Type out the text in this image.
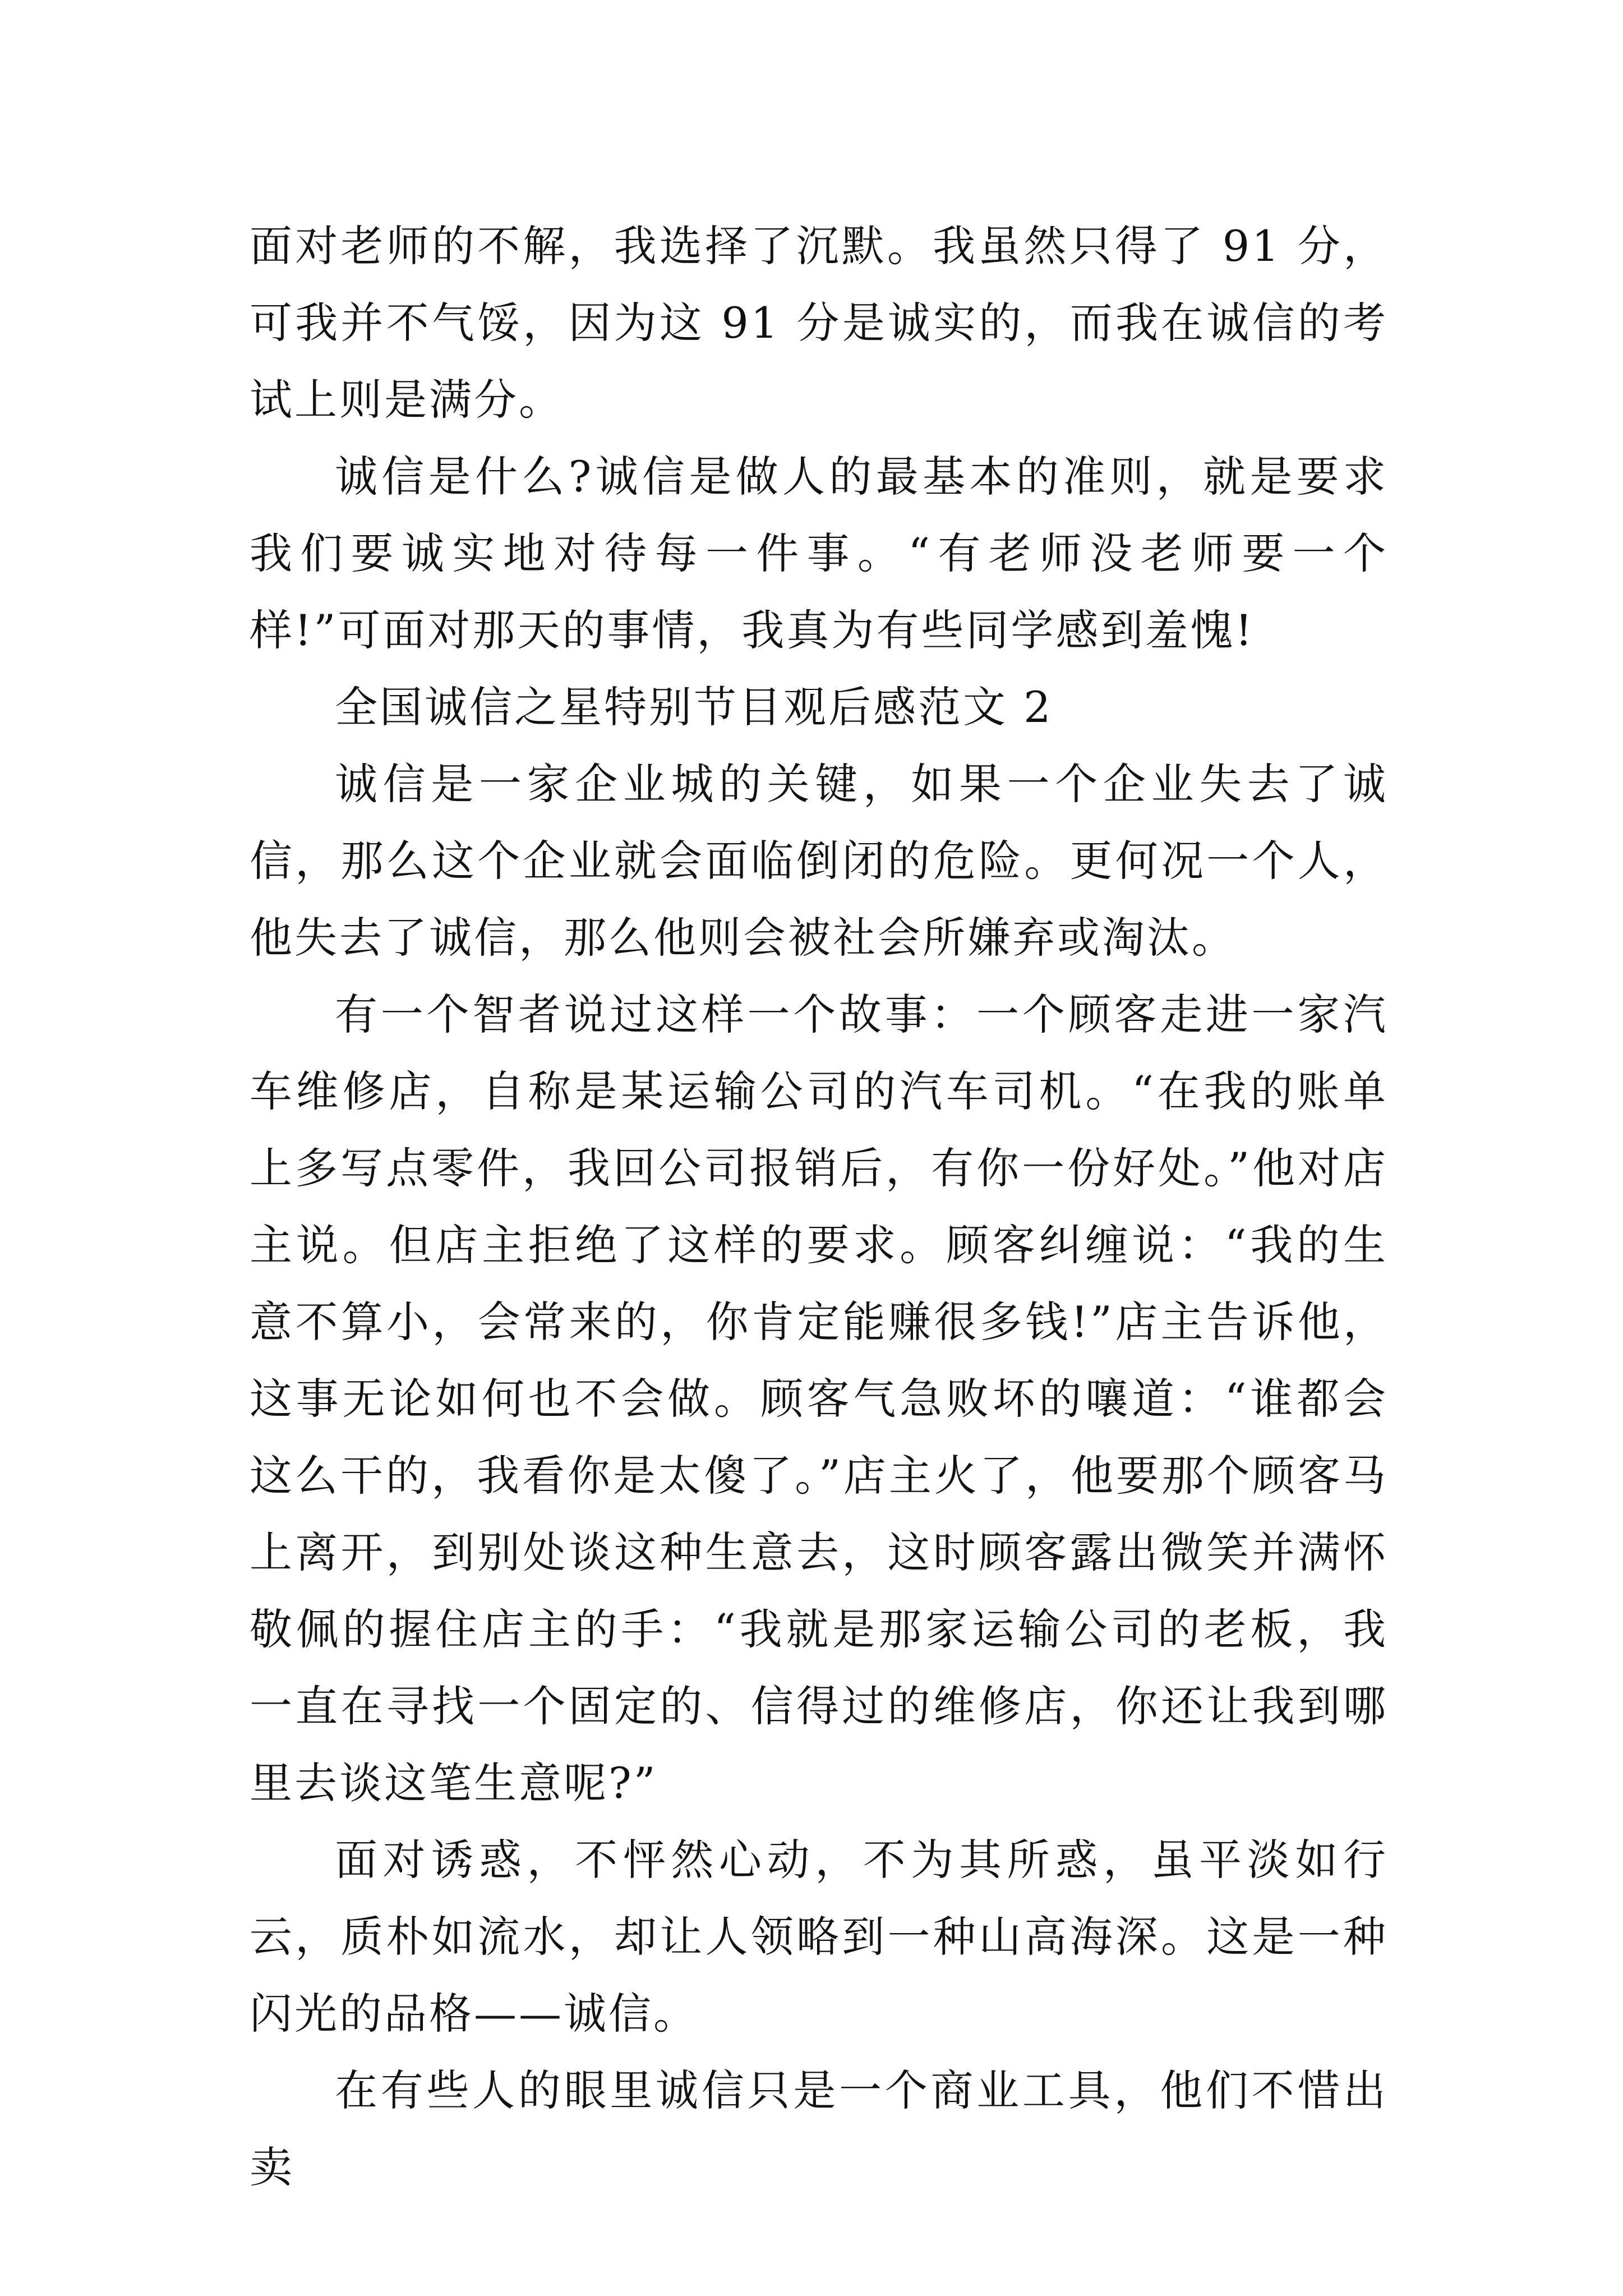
面对老师的不解，我选择了沉默。我虽然只得了 91 分，可我并不气馁，因为这 91 分是诚实的，而我在诚信的考试上则是满分。

诚信是什么?诚信是做人的最基本的准则，就是要求我们要诚实地对待每一件事。“有老师没老师要一个样!”可面对那天的事情，我真为有些同学感到羞愧!

全国诚信之星特别节目观后感范文 2

诚信是一家企业城的关键，如果一个企业失去了诚信，那么这个企业就会面临倒闭的危险。更何况一个人，他失去了诚信，那么他则会被社会所嫌弃或淘汰。

有一个智者说过这样一个故事：一个顾客走进一家汽车维修店，自称是某运输公司的汽车司机。“在我的账单上多写点零件，我回公司报销后，有你一份好处。”他对店主说。但店主拒绝了这样的要求。顾客纠缠说：“我的生意不算小，会常来的，你肯定能赚很多钱!”店主告诉他，这事无论如何也不会做。顾客气急败坏的嚷道：“谁都会这么干的，我看你是太傻了。”店主火了，他要那个顾客马上离开，到别处谈这种生意去，这时顾客露出微笑并满怀敬佩的握住店主的手：“我就是那家运输公司的老板，我一直在寻找一个固定的、信得过的维修店，你还让我到哪里去谈这笔生意呢?”

面对诱惑，不怦然心动，不为其所惑，虽平淡如行云，质朴如流水，却让人领略到一种山高海深。这是一种闪光的品格——诚信。

在有些人的眼里诚信只是一个商业工具，他们不惜出卖
